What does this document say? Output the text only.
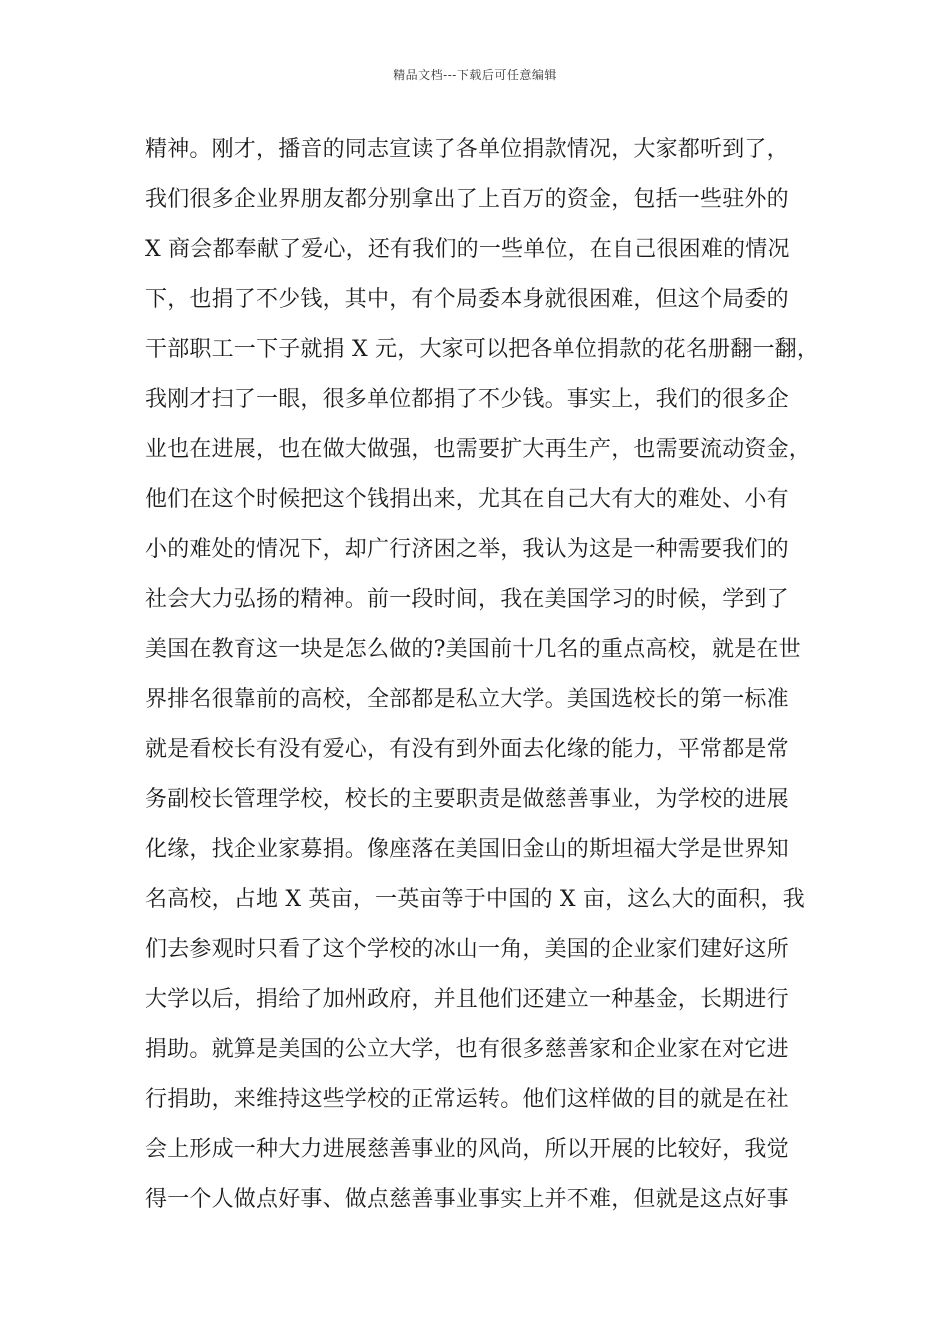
精品文档---下载后可任意编辑
精神。刚才，播音的同志宣读了各单位捐款情况，大家都听到了，
我们很多企业界朋友都分别拿出了上百万的资金，包括一些驻外的
X 商会都奉献了爱心，还有我们的一些单位，在自己很困难的情况
下，也捐了不少钱，其中，有个局委本身就很困难，但这个局委的
干部职工一下子就捐 X 元，大家可以把各单位捐款的花名册翻一翻，
我刚才扫了一眼，很多单位都捐了不少钱。事实上，我们的很多企
业也在进展，也在做大做强，也需要扩大再生产，也需要流动资金，
他们在这个时候把这个钱捐出来，尤其在自己大有大的难处、小有
小的难处的情况下，却广行济困之举，我认为这是一种需要我们的
社会大力弘扬的精神。前一段时间，我在美国学习的时候，学到了
美国在教育这一块是怎么做的?美国前十几名的重点高校，就是在世
界排名很靠前的高校，全部都是私立大学。美国选校长的第一标准
就是看校长有没有爱心，有没有到外面去化缘的能力，平常都是常
务副校长管理学校，校长的主要职责是做慈善事业，为学校的进展
化缘，找企业家募捐。像座落在美国旧金山的斯坦福大学是世界知
名高校，占地 X 英亩，一英亩等于中国的 X 亩，这么大的面积，我
们去参观时只看了这个学校的冰山一角，美国的企业家们建好这所
大学以后，捐给了加州政府，并且他们还建立一种基金，长期进行
捐助。就算是美国的公立大学，也有很多慈善家和企业家在对它进
行捐助，来维持这些学校的正常运转。他们这样做的目的就是在社
会上形成一种大力进展慈善事业的风尚，所以开展的比较好，我觉
得一个人做点好事、做点慈善事业事实上并不难，但就是这点好事
